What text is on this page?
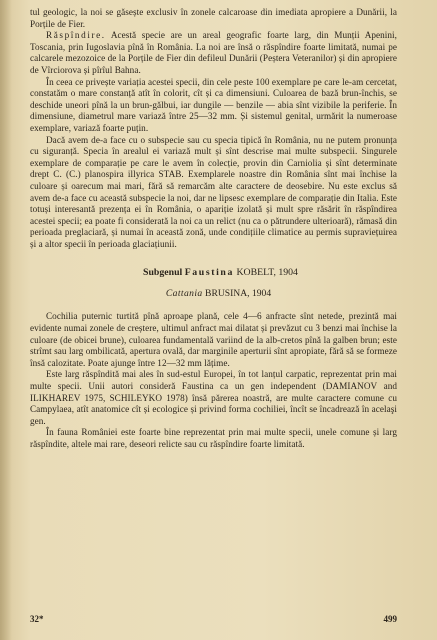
tul geologic, la noi se găsește exclusiv în zonele calcaroase din imediata apropiere a Dunării, la Porțile de Fier.

Răspîndire. Acestă specie are un areal geografic foarte larg, din Munții Apenini, Toscania, prin Iugoslavia pînă în România. La noi are însă o răspîndire foarte limitată, numai pe calcarele mezozoice de la Porțile de Fier din defileul Dunării (Peștera Veteranilor) și din apropiere de Vîrciorova și pîrîul Bahna.

În ceea ce privește variația acestei specii, din cele peste 100 exemplare pe care le-am cercetat, constatăm o mare constanță atît în colorit, cît și ca dimensiuni. Culoarea de bază brun-închis, se deschide uneori pînă la un brun-gălbui, iar dungile — benzile — abia sînt vizibile la periferie. În dimensiune, diametrul mare variază între 25—32 mm. Și sistemul genital, urmărit la numeroase exemplare, variază foarte puțin.

Dacă avem de-a face cu o subspecie sau cu specia tipică în România, nu ne putem pronunța cu siguranță. Specia în arealul ei variază mult și sînt descrise mai multe subspecii. Singurele exemplare de comparație pe care le avem în colecție, provin din Carniolia și sînt determinate drept C. (C.) planospira illyrica STAB. Exemplarele noastre din România sînt mai închise la culoare și oarecum mai mari, fără să remarcăm alte caractere de deosebire. Nu este exclus să avem de-a face cu această subspecie la noi, dar ne lipsesc exemplare de comparație din Italia. Este totuși interesantă prezența ei în România, o apariție izolată și mult spre răsărit în răspîndirea acestei specii; ea poate fi considerată la noi ca un relict (nu ca o pătrundere ulterioară), rămasă din perioada preglaciară, și numai în această zonă, unde condițiile climatice au permis supraviețuirea și a altor specii în perioada glaciațiunii.

Subgenul Faustina KOBELT, 1904
Cattania BRUSINA, 1904

Cochilia puternic turtită pînă aproape plană, cele 4—6 anfracte sînt netede, prezintă mai evidente numai zonele de creștere, ultimul anfract mai dilatat și prevăzut cu 3 benzi mai închise la culoare (de obicei brune), culoarea fundamentală variind de la alb-cretos pînă la galben brun; este strîmt sau larg ombilicată, apertura ovală, dar marginile aperturii sînt apropiate, fără să se formeze însă calozitate. Poate ajunge între 12—32 mm lățime.

Este larg răspîndită mai ales în sud-estul Europei, în tot lanțul carpatic, reprezentat prin mai multe specii. Unii autori consideră Faustina ca un gen independent (DAMIANOV and ILIKHAREV 1975, SCHILEYKO 1978) însă părerea noastră, are multe caractere comune cu Campylaea, atît anatomice cît și ecologice și privind forma cochiliei, încît se încadrează în acelaşi gen.

În fauna României este foarte bine reprezentat prin mai multe specii, unele comune și larg răspîndite, altele mai rare, deseori relicte sau cu răspîndire foarte limitată.

32*	499
